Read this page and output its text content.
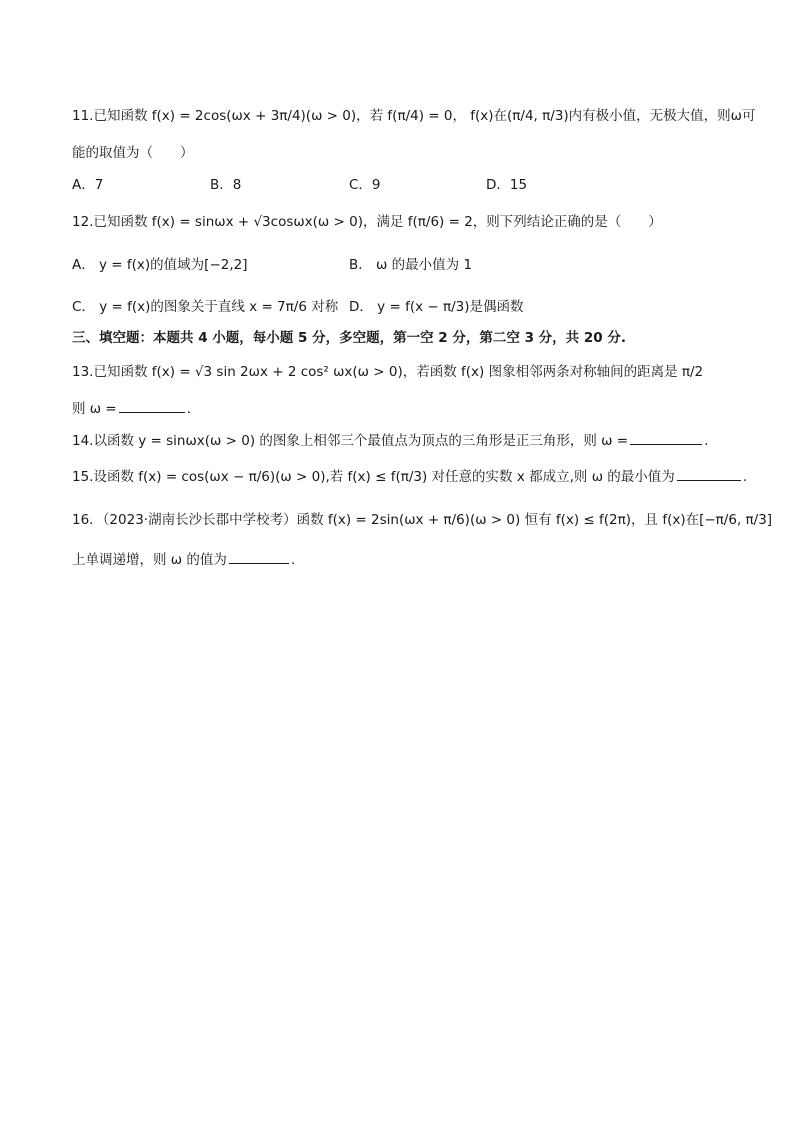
11.已知函数 f(x) = 2cos(ωx + 3π/4)(ω > 0)，若 f(π/4) = 0， f(x)在(π/4, π/3)内有极小值，无极大值，则ω可
能的取值为（　　）
A．7	B．8	C．9	D．15
12.已知函数 f(x) = sinωx + √3cosωx(ω > 0)，满足 f(π/6) = 2，则下列结论正确的是（　　）
A． y = f(x)的值域为[−2,2]	B． ω 的最小值为 1
C． y = f(x)的图象关于直线 x = 7π/6 对称 D． y = f(x − π/3)是偶函数
三、填空题：本题共 4 小题，每小题 5 分，多空题，第一空 2 分，第二空 3 分，共 20 分.
13.已知函数 f(x) = √3 sin 2ωx + 2 cos² ωx(ω > 0)，若函数 f(x) 图象相邻两条对称轴间的距离是 π/2
则 ω =	.
14.以函数 y = sinωx(ω > 0) 的图象上相邻三个最值点为顶点的三角形是正三角形，则 ω =	.
15.设函数 f(x) = cos(ωx − π/6)(ω > 0),若 f(x) ≤ f(π/3) 对任意的实数 x 都成立,则 ω 的最小值为	.
16．（2023·湖南长沙长郡中学校考）函数 f(x) = 2sin(ωx + π/6)(ω > 0) 恒有 f(x) ≤ f(2π)，且 f(x)在[−π/6, π/3]
上单调递增，则 ω 的值为	.
